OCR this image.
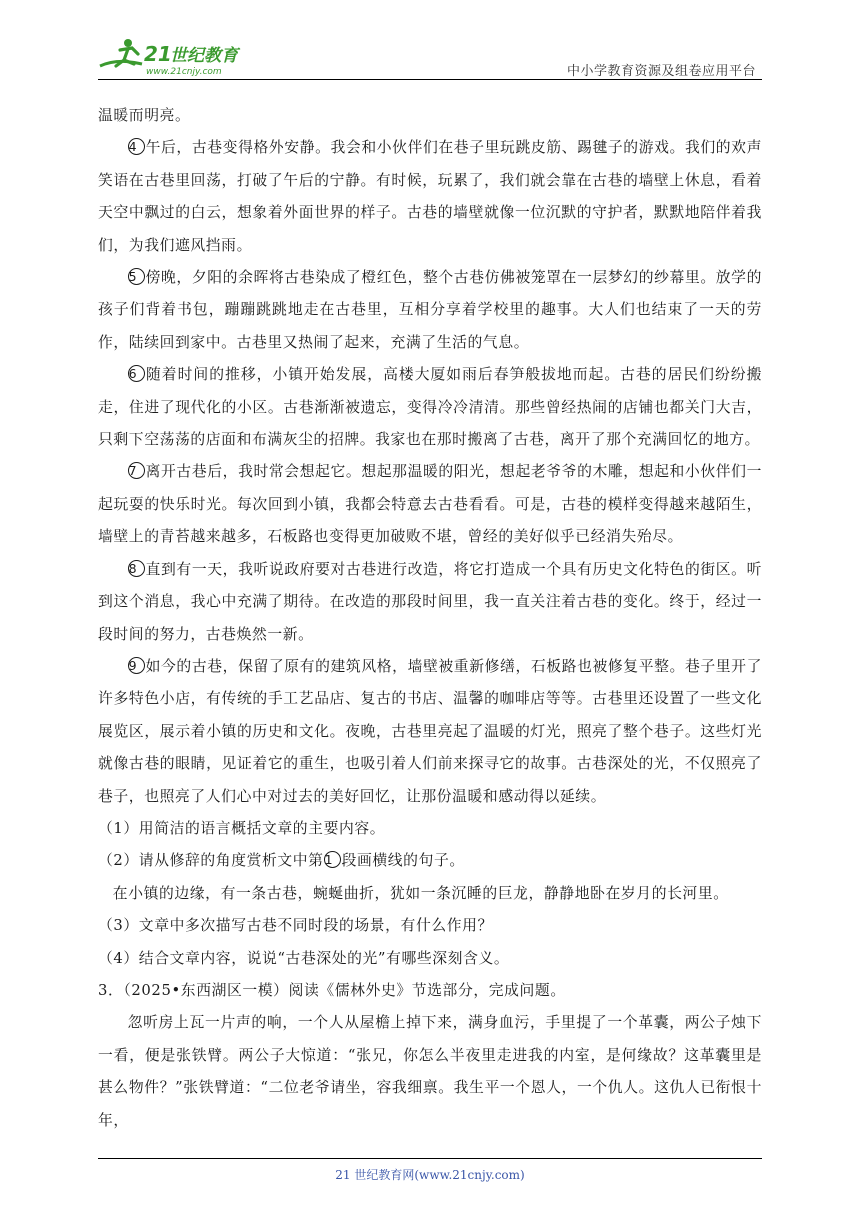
21
世纪教育
www.21cnjy.com	中小学教育资源及组卷应用平台

温暖而明亮。

4 午后，古巷变得格外安静。我会和小伙伴们在巷子里玩跳皮筋、踢毽子的游戏。我们的欢声笑语在古巷里回荡，打破了午后的宁静。有时候，玩累了，我们就会靠在古巷的墙壁上休息，看着天空中飘过的白云，想象着外面世界的样子。古巷的墙壁就像一位沉默的守护者，默默地陪伴着我们，为我们遮风挡雨。

5 傍晚，夕阳的余晖将古巷染成了橙红色，整个古巷仿佛被笼罩在一层梦幻的纱幕里。放学的孩子们背着书包，蹦蹦跳跳地走在古巷里，互相分享着学校里的趣事。大人们也结束了一天的劳作，陆续回到家中。古巷里又热闹了起来，充满了生活的气息。

6 随着时间的推移，小镇开始发展，高楼大厦如雨后春笋般拔地而起。古巷的居民们纷纷搬走，住进了现代化的小区。古巷渐渐被遗忘，变得冷冷清清。那些曾经热闹的店铺也都关门大吉，只剩下空荡荡的店面和布满灰尘的招牌。我家也在那时搬离了古巷，离开了那个充满回忆的地方。

7 离开古巷后，我时常会想起它。想起那温暖的阳光，想起老爷爷的木雕，想起和小伙伴们一起玩耍的快乐时光。每次回到小镇，我都会特意去古巷看看。可是，古巷的模样变得越来越陌生，墙壁上的青苔越来越多，石板路也变得更加破败不堪，曾经的美好似乎已经消失殆尽。

8 直到有一天，我听说政府要对古巷进行改造，将它打造成一个具有历史文化特色的街区。听到这个消息，我心中充满了期待。在改造的那段时间里，我一直关注着古巷的变化。终于，经过一段时间的努力，古巷焕然一新。

9 如今的古巷，保留了原有的建筑风格，墙壁被重新修缮，石板路也被修复平整。巷子里开了许多特色小店，有传统的手工艺品店、复古的书店、温馨的咖啡店等等。古巷里还设置了一些文化展览区，展示着小镇的历史和文化。夜晚，古巷里亮起了温暖的灯光，照亮了整个巷子。这些灯光就像古巷的眼睛，见证着它的重生，也吸引着人们前来探寻它的故事。古巷深处的光，不仅照亮了巷子，也照亮了人们心中对过去的美好回忆，让那份温暖和感动得以延续。

（1）用简洁的语言概括文章的主要内容。

（2）请从修辞的角度赏析文中第1 段画横线的句子。

在小镇的边缘，有一条古巷，蜿蜒曲折，犹如一条沉睡的巨龙，静静地卧在岁月的长河里。

（3）文章中多次描写古巷不同时段的场景，有什么作用？

（4）结合文章内容，说说“古巷深处的光”有哪些深刻含义。

3．（2025•东西湖区一模）阅读《儒林外史》节选部分，完成问题。

忽听房上瓦一片声的响，一个人从屋檐上掉下来，满身血污，手里提了一个革囊，两公子烛下一看，便是张铁臂。两公子大惊道：“张兄，你怎么半夜里走进我的内室，是何缘故？这革囊里是甚么物件？”张铁臂道：“二位老爷请坐，容我细禀。我生平一个恩人，一个仇人。这仇人已衔恨十年，

21 世纪教育网(www.21cnjy.com)
